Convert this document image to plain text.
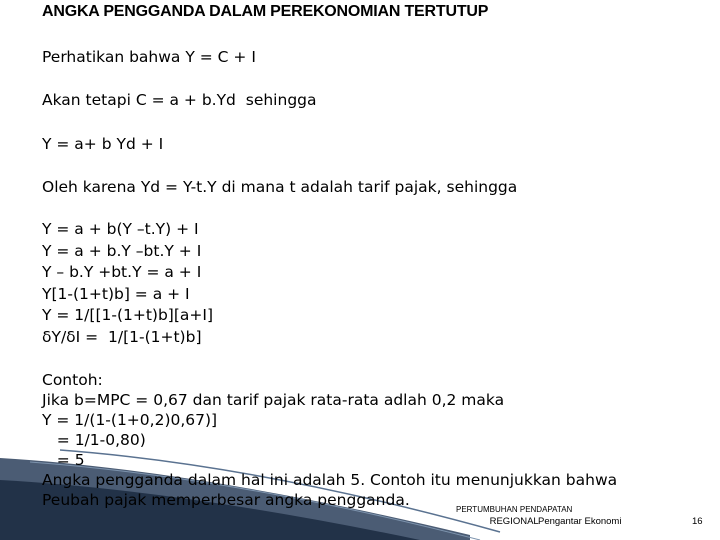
ANGKA PENGGANDA DALAM PEREKONOMIAN TERTUTUP
Perhatikan bahwa Y = C + I
Akan tetapi C = a + b.Yd  sehingga
Y = a+ b Yd + I
Oleh karena Yd = Y-t.Y di mana t adalah tarif pajak, sehingga
Y = a + b(Y –t.Y) + I
Y = a + b.Y –bt.Y + I
Y – b.Y +bt.Y = a + I
Y[1-(1+t)b] = a + I
Y = 1/[[1-(1+t)b][a+I]
δY/δI =  1/[1-(1+t)b]
Contoh:
Jika b=MPC = 0,67 dan tarif pajak rata-rata adlah 0,2 maka
Y = 1/(1-(1+0,2)0,67)]
= 1/1-0,80)
= 5
Angka pengganda dalam hal ini adalah 5. Contoh itu menunjukkan bahwa
Peubah pajak memperbesar angka pengganda.
PERTUMBUHAN PENDAPATAN
REGIONAL Pengantar Ekonomi	16
